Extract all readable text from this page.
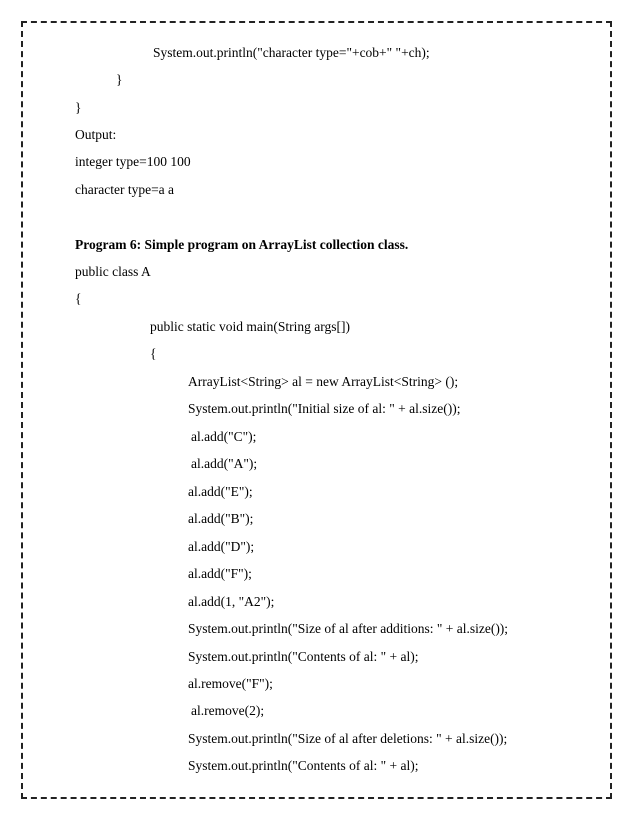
System.out.println("character type="+cob+" "+ch);
}
}
Output:
integer type=100 100
character type=a a
Program 6: Simple program on ArrayList collection class.
public class A
{
public static void main(String args[])
{
ArrayList<String> al = new ArrayList<String> ();
System.out.println("Initial size of al: " + al.size());
al.add("C");
al.add("A");
al.add("E");
al.add("B");
al.add("D");
al.add("F");
al.add(1, "A2");
System.out.println("Size of al after additions: " + al.size());
System.out.println("Contents of al: " + al);
al.remove("F");
al.remove(2);
System.out.println("Size of al after deletions: " + al.size());
System.out.println("Contents of al: " + al);
